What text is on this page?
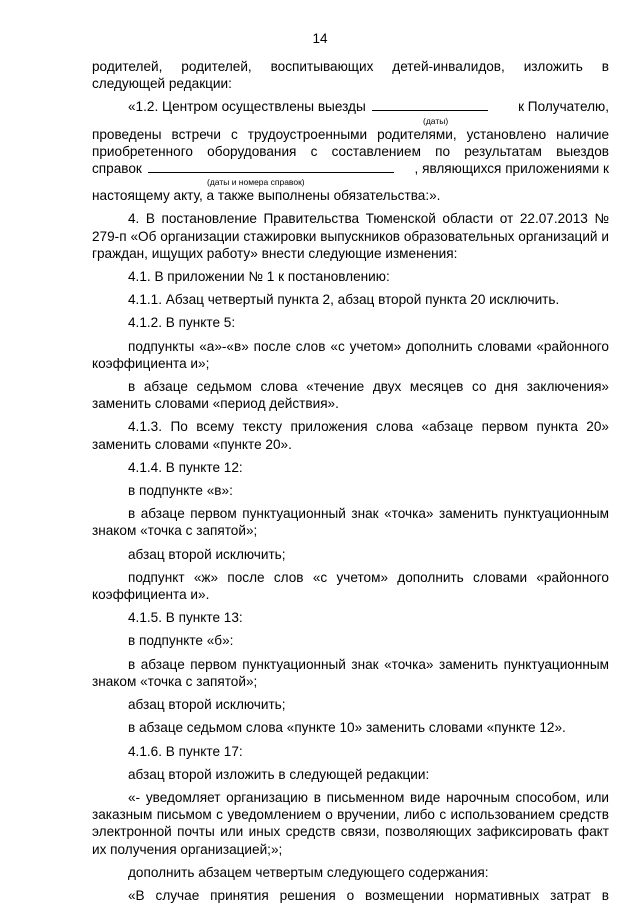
14
родителей, родителей, воспитывающих детей-инвалидов, изложить в
следующей редакции:
«1.2. Центром осуществлены выезды	к Получателю,
(даты)
проведены встречи с трудоустроенными родителями, установлено наличие
приобретенного оборудования с составлением по результатам выездов
справок	, являющихся приложениями к
(даты и номера справок)
настоящему акту, а также выполнены обязательства:».
4. В постановление Правительства Тюменской области от 22.07.2013 № 279-п «Об организации стажировки выпускников образовательных организаций и граждан, ищущих работу» внести следующие изменения:
4.1. В приложении № 1 к постановлению:
4.1.1. Абзац четвертый пункта 2, абзац второй пункта 20 исключить.
4.1.2. В пункте 5:
подпункты «а»-«в» после слов «с учетом» дополнить словами «районного коэффициента и»;
в абзаце седьмом слова «течение двух месяцев со дня заключения» заменить словами «период действия».
4.1.3. По всему тексту приложения слова «абзаце первом пункта 20» заменить словами «пункте 20».
4.1.4. В пункте 12:
в подпункте «в»:
в абзаце первом пунктуационный знак «точка» заменить пунктуационным знаком «точка с запятой»;
абзац второй исключить;
подпункт «ж» после слов «с учетом» дополнить словами «районного коэффициента и».
4.1.5. В пункте 13:
в подпункте «б»:
в абзаце первом пунктуационный знак «точка» заменить пунктуационным знаком «точка с запятой»;
абзац второй исключить;
в абзаце седьмом слова «пункте 10» заменить словами «пункте 12».
4.1.6. В пункте 17:
абзац второй изложить в следующей редакции:
«- уведомляет организацию в письменном виде нарочным способом, или заказным письмом с уведомлением о вручении, либо с использованием средств электронной почты или иных средств связи, позволяющих зафиксировать факт их получения организацией;»;
дополнить абзацем четвертым следующего содержания:
«В случае принятия решения о возмещении нормативных затрат в
